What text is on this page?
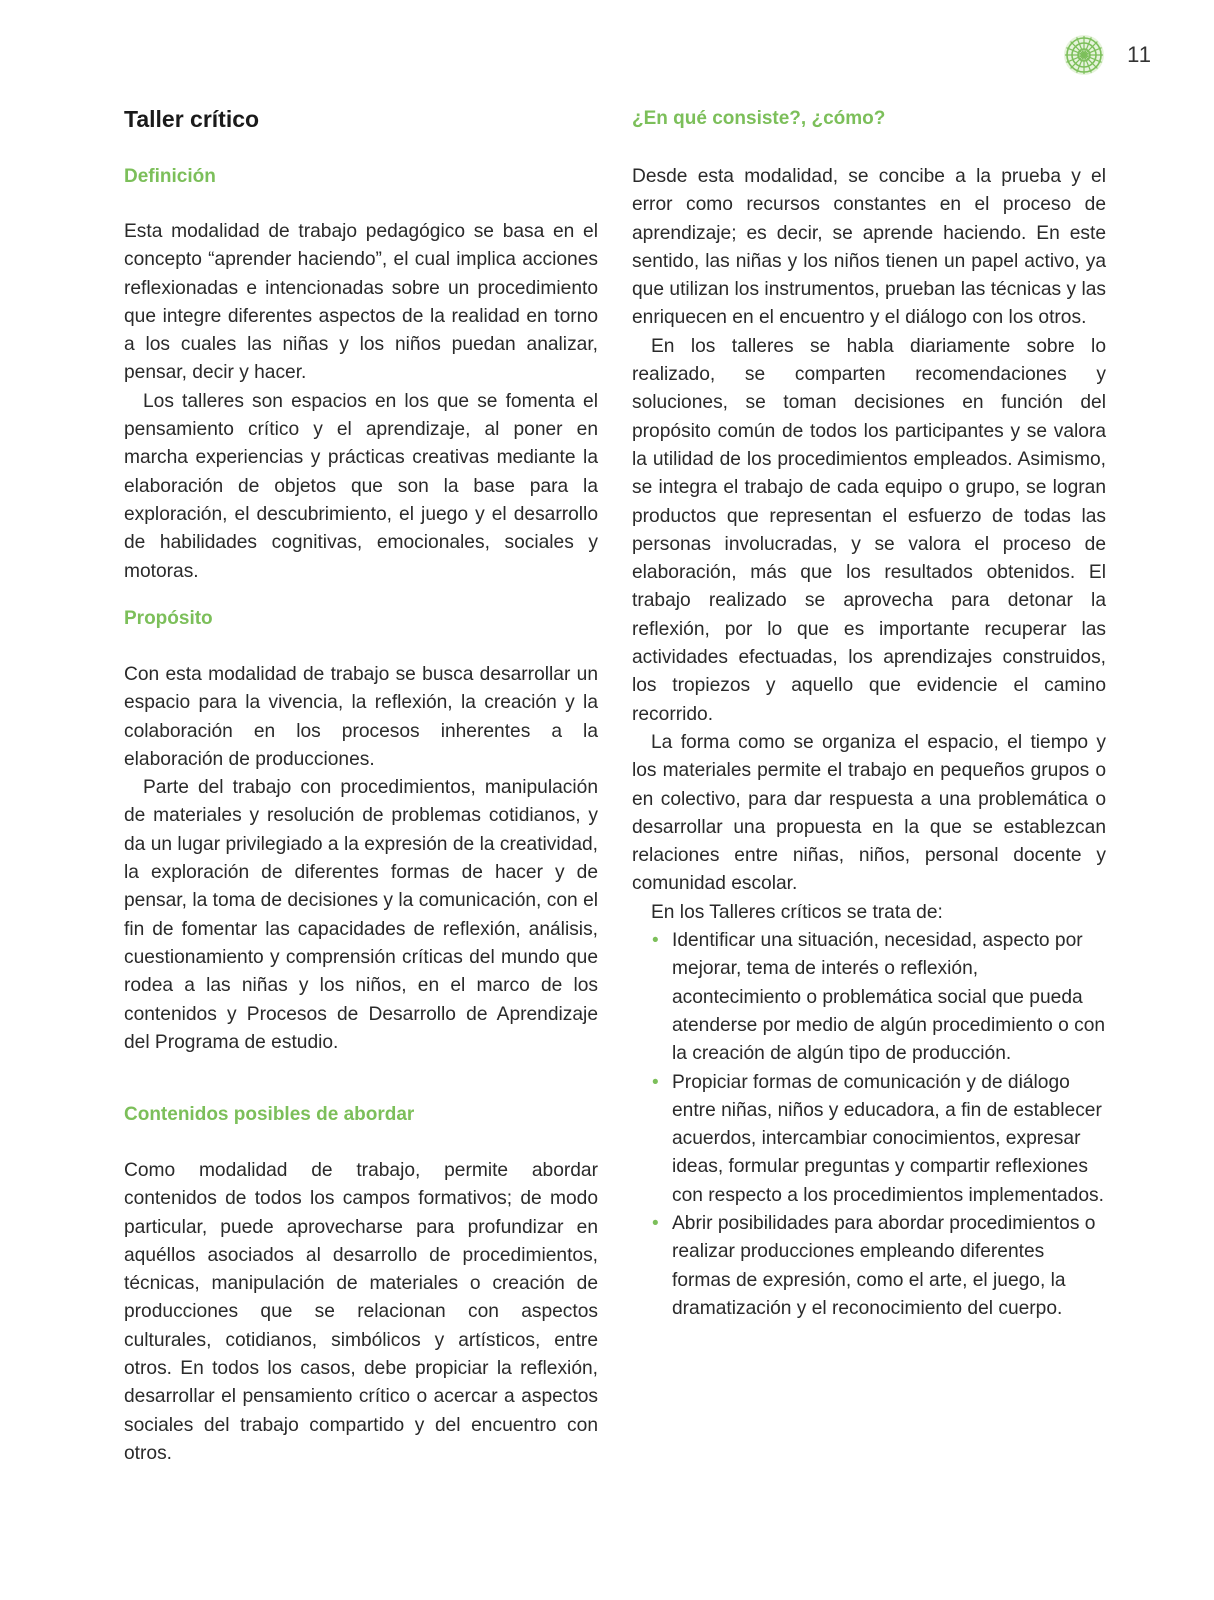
11
Taller crítico
Definición

Esta modalidad de trabajo pedagógico se basa en el concepto “aprender haciendo”, el cual implica acciones reflexionadas e intencionadas sobre un procedimiento que integre diferentes aspectos de la realidad en torno a los cuales las niñas y los niños puedan analizar, pensar, decir y hacer.

Los talleres son espacios en los que se fomenta el pensamiento crítico y el aprendizaje, al poner en marcha experiencias y prácticas creativas mediante la elaboración de objetos que son la base para la exploración, el descubrimiento, el juego y el desarrollo de habilidades cognitivas, emocionales, sociales y motoras.

Propósito

Con esta modalidad de trabajo se busca desarrollar un espacio para la vivencia, la reflexión, la creación y la colaboración en los procesos inherentes a la elaboración de producciones.

Parte del trabajo con procedimientos, manipulación de materiales y resolución de problemas cotidianos, y da un lugar privilegiado a la expresión de la creatividad, la exploración de diferentes formas de hacer y de pensar, la toma de decisiones y la comunicación, con el fin de fomentar las capacidades de reflexión, análisis, cuestionamiento y comprensión críticas del mundo que rodea a las niñas y los niños, en el marco de los contenidos y Procesos de Desarrollo de Aprendizaje del Programa de estudio.

Contenidos posibles de abordar

Como modalidad de trabajo, permite abordar contenidos de todos los campos formativos; de modo particular, puede aprovecharse para profundizar en aquéllos asociados al desarrollo de procedimientos, técnicas, manipulación de materiales o creación de producciones que se relacionan con aspectos culturales, cotidianos, simbólicos y artísticos, entre otros. En todos los casos, debe propiciar la reflexión, desarrollar el pensamiento crítico o acercar a aspectos sociales del trabajo compartido y del encuentro con otros.

¿En qué consiste?, ¿cómo?

Desde esta modalidad, se concibe a la prueba y el error como recursos constantes en el proceso de aprendizaje; es decir, se aprende haciendo. En este sentido, las niñas y los niños tienen un papel activo, ya que utilizan los instrumentos, prueban las técnicas y las enriquecen en el encuentro y el diálogo con los otros.

En los talleres se habla diariamente sobre lo realizado, se comparten recomendaciones y soluciones, se toman decisiones en función del propósito común de todos los participantes y se valora la utilidad de los procedimientos empleados. Asimismo, se integra el trabajo de cada equipo o grupo, se logran productos que representan el esfuerzo de todas las personas involucradas, y se valora el proceso de elaboración, más que los resultados obtenidos. El trabajo realizado se aprovecha para detonar la reflexión, por lo que es importante recuperar las actividades efectuadas, los aprendizajes construidos, los tropiezos y aquello que evidencie el camino recorrido.

La forma como se organiza el espacio, el tiempo y los materiales permite el trabajo en pequeños grupos o en colectivo, para dar respuesta a una problemática o desarrollar una propuesta en la que se establezcan relaciones entre niñas, niños, personal docente y comunidad escolar.

En los Talleres críticos se trata de:

• Identificar una situación, necesidad, aspecto por mejorar, tema de interés o reflexión, acontecimiento o problemática social que pueda atenderse por medio de algún procedimiento o con la creación de algún tipo de producción.
• Propiciar formas de comunicación y de diálogo entre niñas, niños y educadora, a fin de establecer acuerdos, intercambiar conocimientos, expresar ideas, formular preguntas y compartir reflexiones con respecto a los procedimientos implementados.
• Abrir posibilidades para abordar procedimientos o realizar producciones empleando diferentes formas de expresión, como el arte, el juego, la dramatización y el reconocimiento del cuerpo.
